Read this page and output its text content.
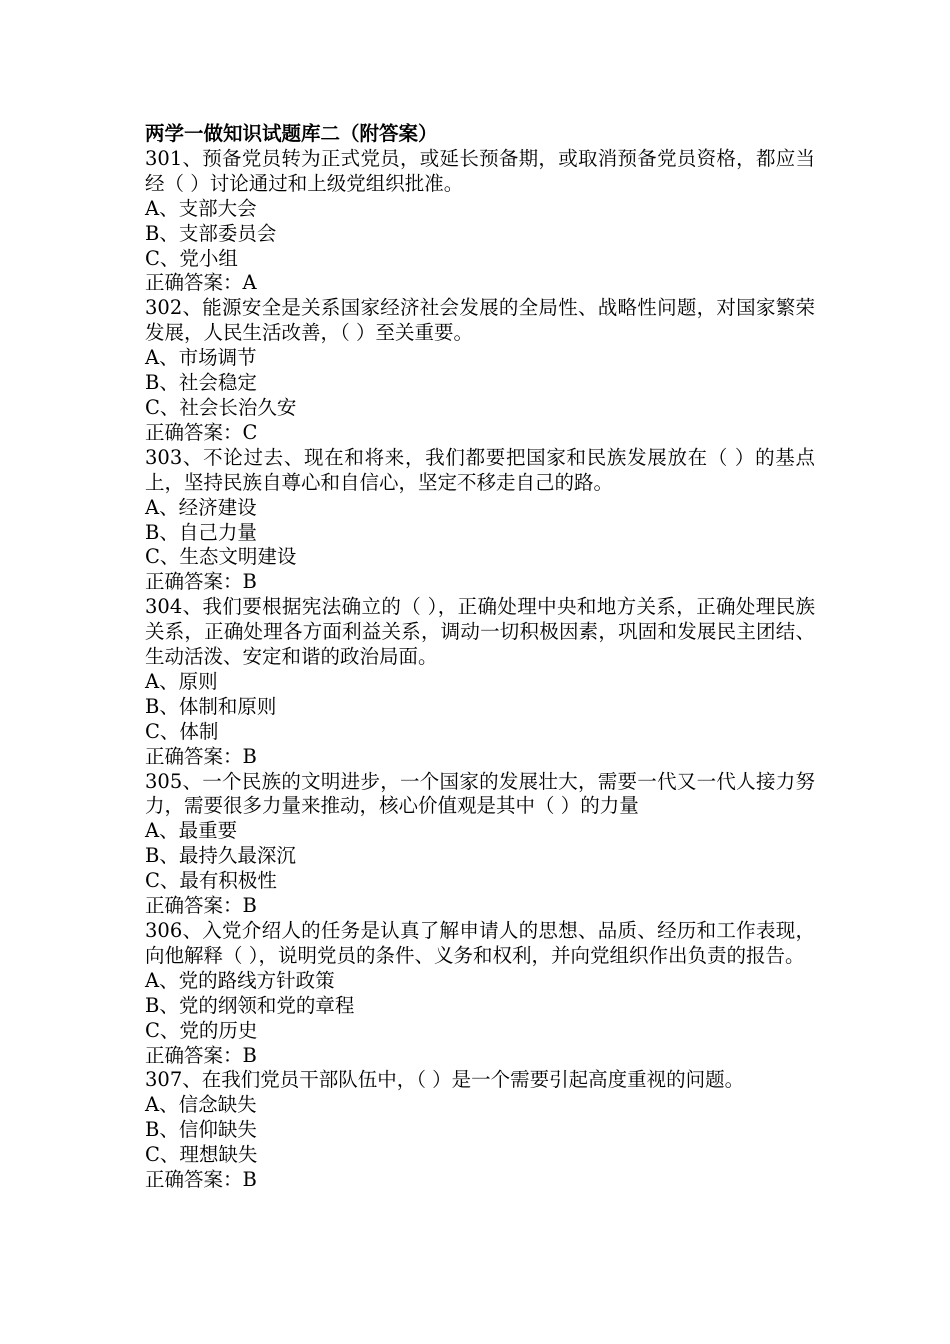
两学一做知识试题库二（附答案）

301、预备党员转为正式党员，或延长预备期，或取消预备党员资格，都应当经（ ）讨论通过和上级党组织批准。

A、支部大会

B、支部委员会

C、党小组

正确答案：A

302、能源安全是关系国家经济社会发展的全局性、战略性问题，对国家繁荣发展，人民生活改善，（ ）至关重要。

A、市场调节

B、社会稳定

C、社会长治久安

正确答案：C

303、不论过去、现在和将来，我们都要把国家和民族发展放在（ ）的基点上，坚持民族自尊心和自信心，坚定不移走自己的路。

A、经济建设

B、自己力量

C、生态文明建设

正确答案：B

304、我们要根据宪法确立的（ ），正确处理中央和地方关系，正确处理民族关系，正确处理各方面利益关系，调动一切积极因素，巩固和发展民主团结、生动活泼、安定和谐的政治局面。

A、原则

B、体制和原则

C、体制

正确答案：B

305、一个民族的文明进步，一个国家的发展壮大，需要一代又一代人接力努力，需要很多力量来推动，核心价值观是其中（ ）的力量

A、最重要

B、最持久最深沉

C、最有积极性

正确答案：B

306、入党介绍人的任务是认真了解申请人的思想、品质、经历和工作表现，向他解释（ ），说明党员的条件、义务和权利，并向党组织作出负责的报告。

A、党的路线方针政策

B、党的纲领和党的章程

C、党的历史

正确答案：B

307、在我们党员干部队伍中，（ ）是一个需要引起高度重视的问题。

A、信念缺失

B、信仰缺失

C、理想缺失

正确答案：B
